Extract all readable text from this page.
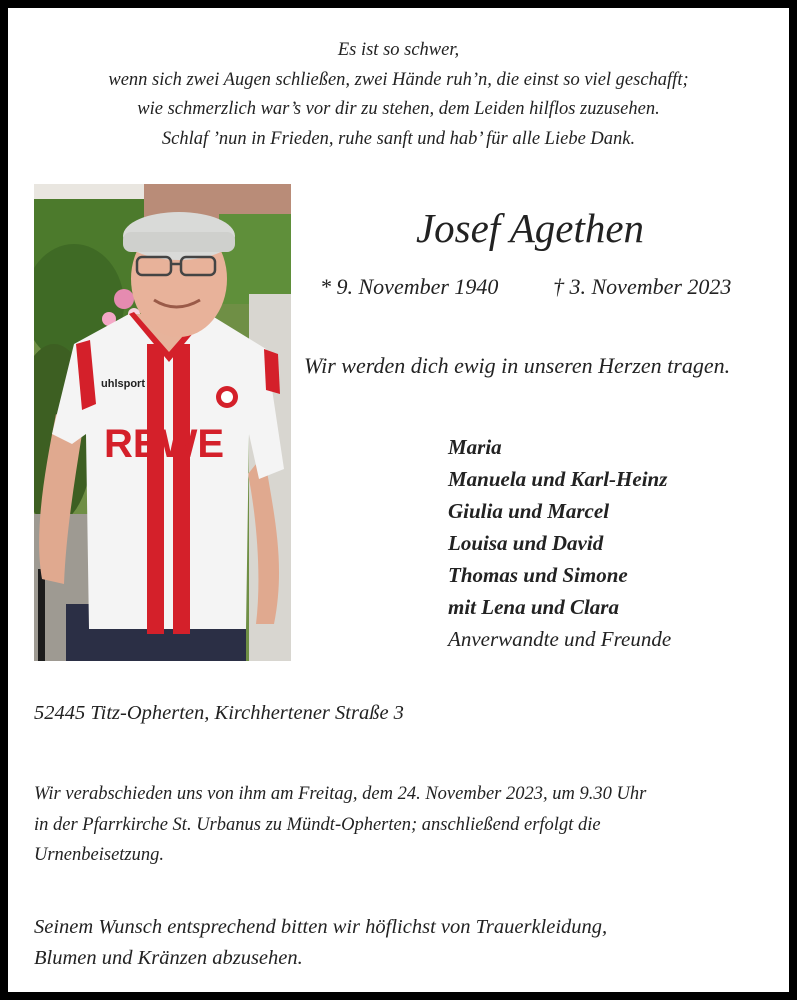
Es ist so schwer,
wenn sich zwei Augen schließen, zwei Hände ruh’n, die einst so viel geschafft;
wie schmerzlich war’s vor dir zu stehen, dem Leiden hilflos zuzusehen.
Schlaf ’nun in Frieden, ruhe sanft und hab’ für alle Liebe Dank.
uhlsport
REWE
Josef Agethen
* 9. November 1940 † 3. November 2023
Wir werden dich ewig in unseren Herzen tragen.
Maria
Manuela und Karl-Heinz
Giulia und Marcel
Louisa und David
Thomas und Simone
mit Lena und Clara
Anverwandte und Freunde
52445 Titz-Opherten, Kirchhertener Straße 3
Wir verabschieden uns von ihm am Freitag, dem 24. November 2023, um 9.30 Uhr
in der Pfarrkirche St. Urbanus zu Mündt-Opherten; anschließend erfolgt die
Urnenbeisetzung.
Seinem Wunsch entsprechend bitten wir höflichst von Trauerkleidung,
Blumen und Kränzen abzusehen.
